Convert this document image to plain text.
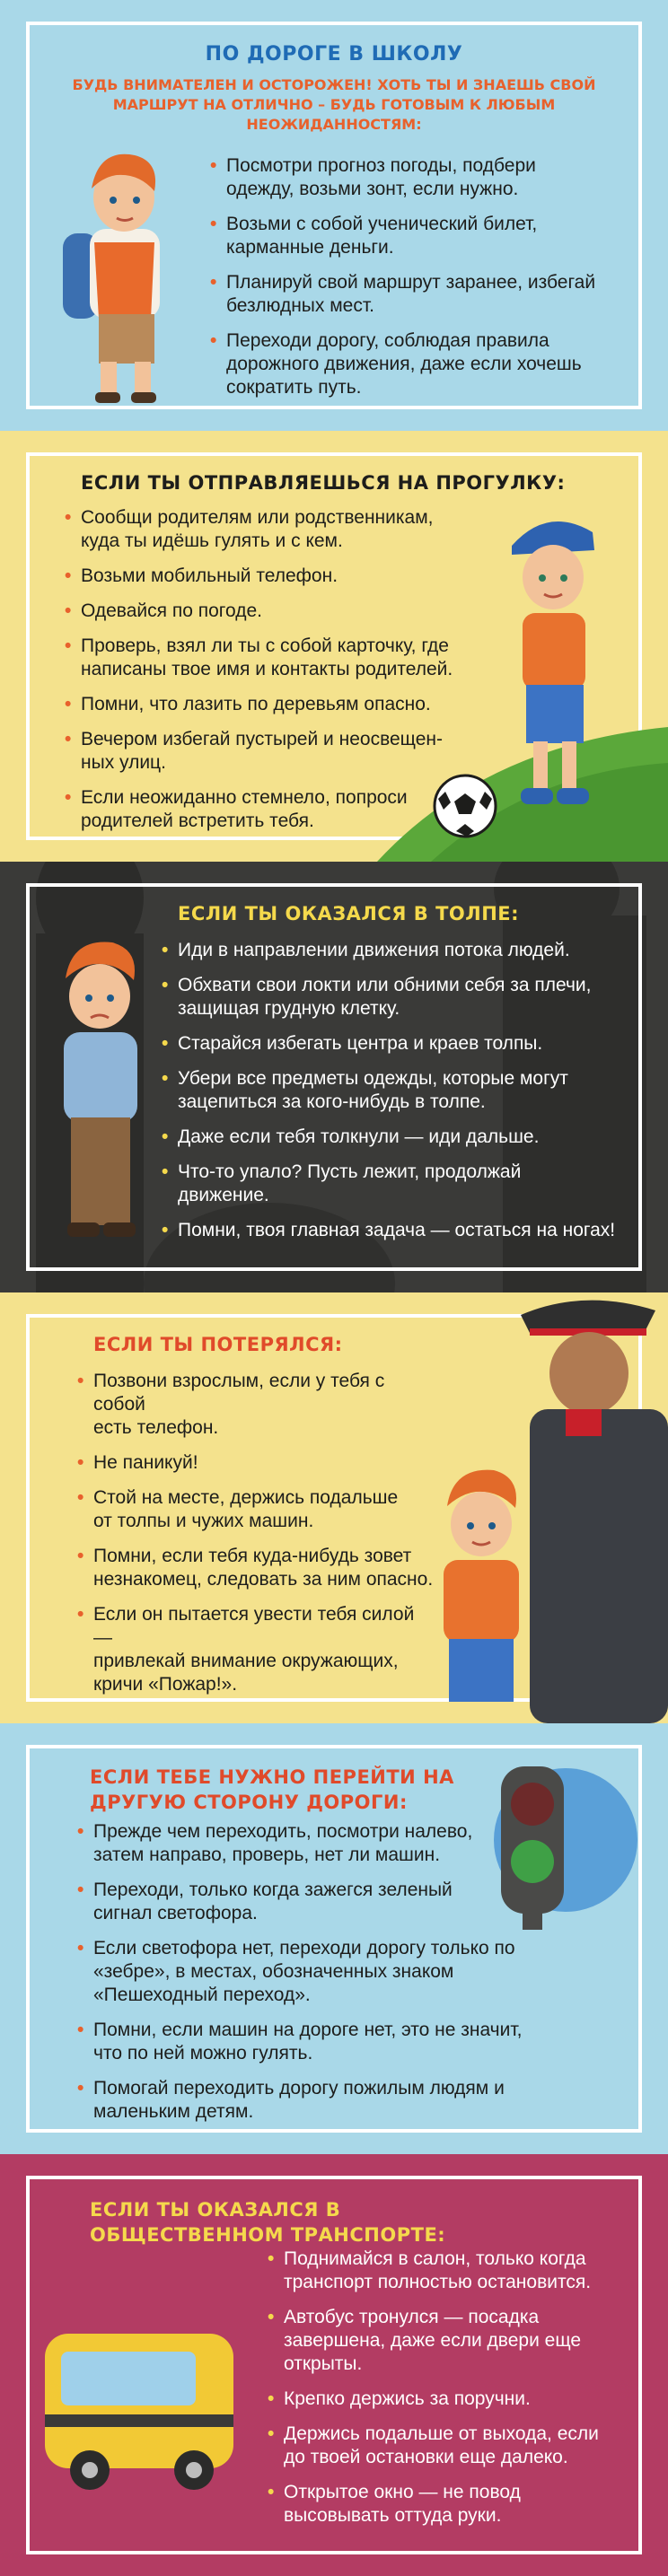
ПО ДОРОГЕ В ШКОЛУ
БУДЬ ВНИМАТЕЛЕН И ОСТОРОЖЕН! ХОТЬ ТЫ И ЗНАЕШЬ СВОЙ МАРШРУТ НА ОТЛИЧНО – БУДЬ ГОТОВЫМ К ЛЮБЫМ НЕОЖИДАННОСТЯМ:
• Посмотри прогноз погоды, подбери
одежду, возьми зонт, если нужно.
• Возьми с собой ученический билет,
карманные деньги.
• Планируй свой маршрут заранее, избегай
безлюдных мест.
• Переходи дорогу, соблюдая правила
дорожного движения, даже если хочешь
сократить путь.
ЕСЛИ ТЫ ОТПРАВЛЯЕШЬСЯ НА ПРОГУЛКУ:
• Сообщи родителям или родственникам,
куда ты идёшь гулять и с кем.
• Возьми мобильный телефон.
• Одевайся по погоде.
• Проверь, взял ли ты с собой карточку, где
написаны твое имя и контакты родителей.
• Помни, что лазить по деревьям опасно.
• Вечером избегай пустырей и неосвещен-
ных улиц.
• Если неожиданно стемнело, попроси
родителей встретить тебя.
ЕСЛИ ТЫ ОКАЗАЛСЯ В ТОЛПЕ:
• Иди в направлении движения потока людей.
• Обхвати свои локти или обними себя за плечи,
защищая грудную клетку.
• Старайся избегать центра и краев толпы.
• Убери все предметы одежды, которые могут
зацепиться за кого-нибудь в толпе.
• Даже если тебя толкнули — иди дальше.
• Что-то упало? Пусть лежит, продолжай
движение.
• Помни, твоя главная задача — остаться на ногах!
ЕСЛИ ТЫ ПОТЕРЯЛСЯ:
• Позвони взрослым, если у тебя с собой
есть телефон.
• Не паникуй!
• Стой на месте, держись подальше
от толпы и чужих машин.
• Помни, если тебя куда-нибудь зовет
незнакомец, следовать за ним опасно.
• Если он пытается увести тебя силой —
привлекай внимание окружающих,
кричи «Пожар!».
ЕСЛИ ТЕБЕ НУЖНО ПЕРЕЙТИ НА ДРУГУЮ СТОРОНУ ДОРОГИ:
• Прежде чем переходить, посмотри налево,
затем направо, проверь, нет ли машин.
• Переходи, только когда зажегся зеленый
сигнал светофора.
• Если светофора нет, переходи дорогу только по
«зебре», в местах, обозначенных знаком
«Пешеходный переход».
• Помни, если машин на дороге нет, это не значит,
что по ней можно гулять.
• Помогай переходить дорогу пожилым людям и
маленьким детям.
ЕСЛИ ТЫ ОКАЗАЛСЯ В ОБЩЕСТВЕННОМ ТРАНСПОРТЕ:
• Поднимайся в салон, только когда
транспорт полностью остановится.
• Автобус тронулся — посадка
завершена, даже если двери еще
открыты.
• Крепко держись за поручни.
• Держись подальше от выхода, если
до твоей остановки еще далеко.
• Открытое окно — не повод
высовывать оттуда руки.
